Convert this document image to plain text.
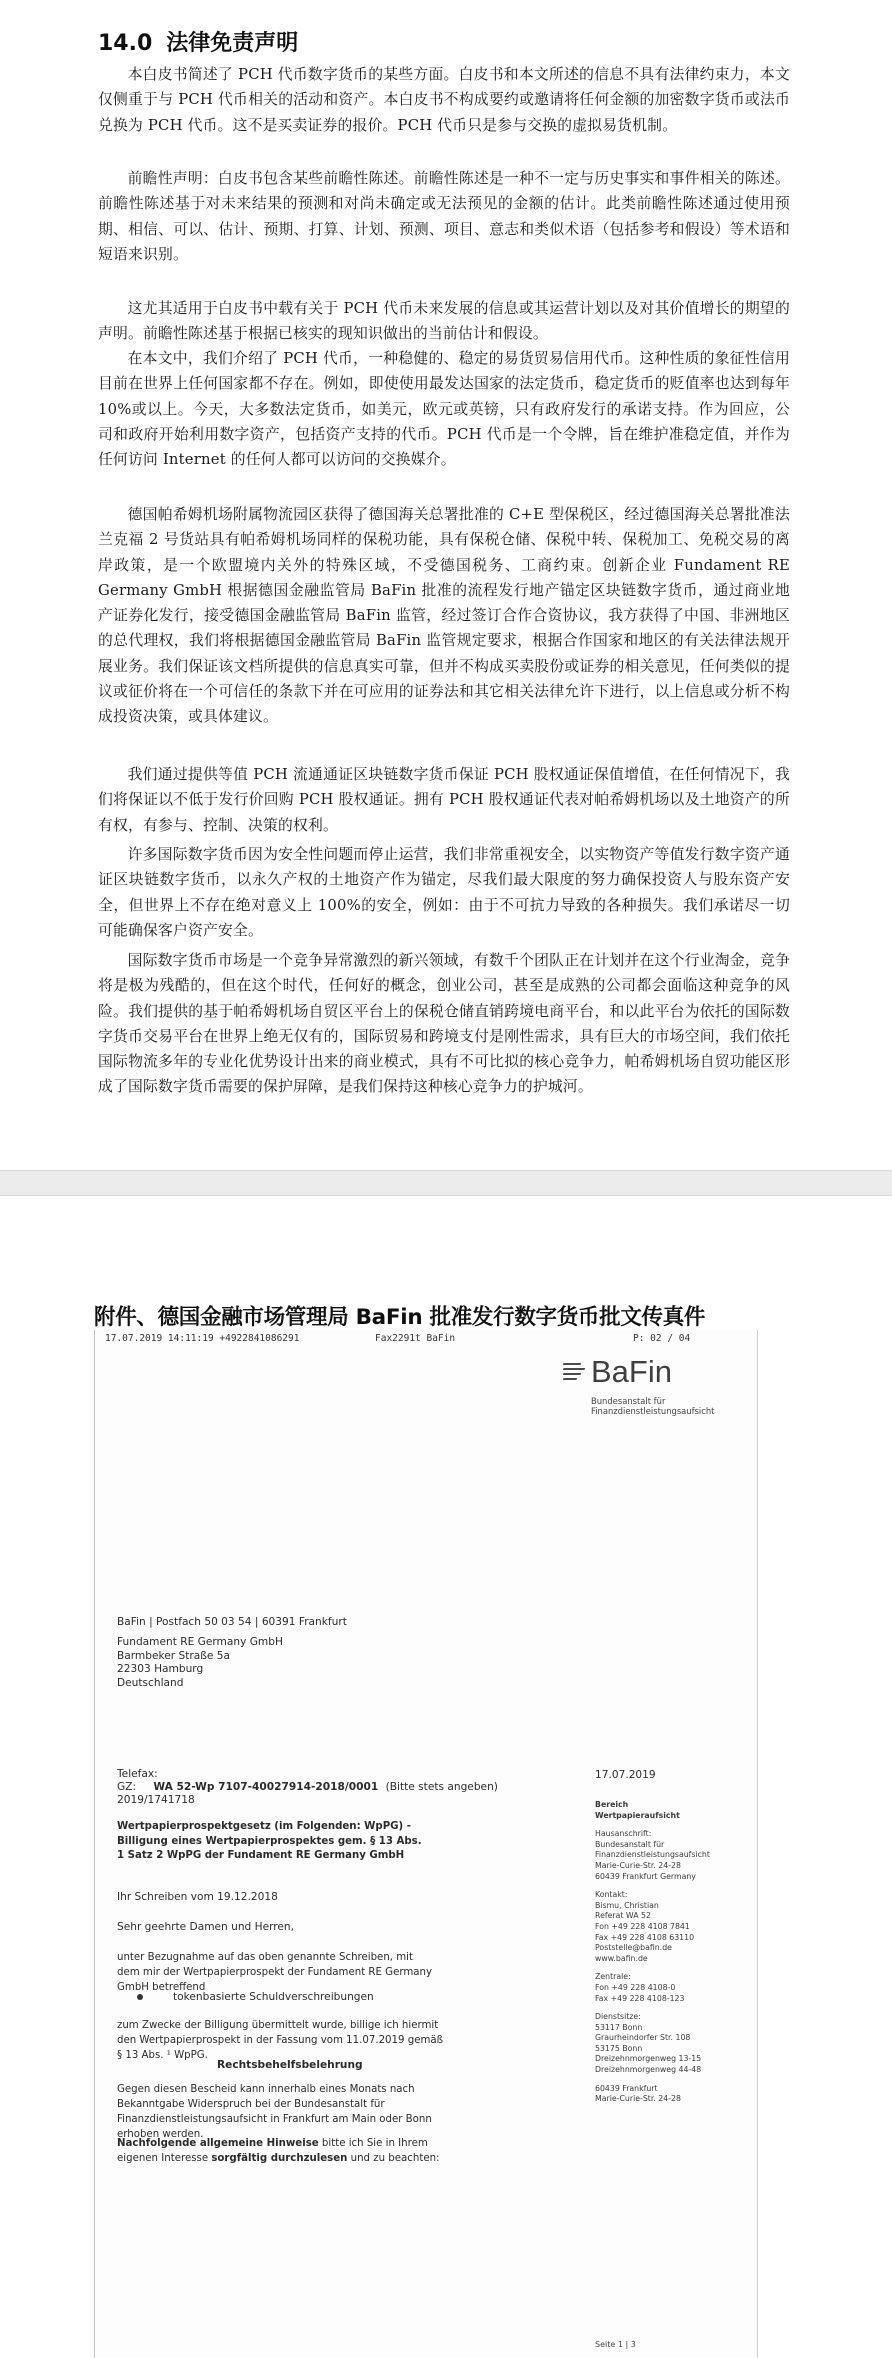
14.0 法律免责声明

本白皮书简述了 PCH 代币数字货币的某些方面。白皮书和本文所述的信息不具有法律约束力，本文仅侧重于与 PCH 代币相关的活动和资产。本白皮书不构成要约或邀请将任何金额的加密数字货币或法币兑换为 PCH 代币。这不是买卖证券的报价。PCH 代币只是参与交换的虚拟易货机制。

前瞻性声明：白皮书包含某些前瞻性陈述。前瞻性陈述是一种不一定与历史事实和事件相关的陈述。前瞻性陈述基于对未来结果的预测和对尚未确定或无法预见的金额的估计。此类前瞻性陈述通过使用预期、相信、可以、估计、预期、打算、计划、预测、项目、意志和类似术语（包括参考和假设）等术语和短语来识别。

这尤其适用于白皮书中载有关于 PCH 代币未来发展的信息或其运营计划以及对其价值增长的期望的声明。前瞻性陈述基于根据已核实的现知识做出的当前估计和假设。

在本文中，我们介绍了 PCH 代币，一种稳健的、稳定的易货贸易信用代币。这种性质的象征性信用目前在世界上任何国家都不存在。例如，即使使用最发达国家的法定货币，稳定货币的贬值率也达到每年 10%或以上。今天，大多数法定货币，如美元，欧元或英镑，只有政府发行的承诺支持。作为回应，公司和政府开始利用数字资产，包括资产支持的代币。PCH 代币是一个令牌，旨在维护准稳定值，并作为任何访问 Internet 的任何人都可以访问的交换媒介。

德国帕希姆机场附属物流园区获得了德国海关总署批准的 C+E 型保税区，经过德国海关总署批准法兰克福 2 号货站具有帕希姆机场同样的保税功能，具有保税仓储、保税中转、保税加工、免税交易的离岸政策，是一个欧盟境内关外的特殊区域，不受德国税务、工商约束。创新企业 Fundament RE Germany GmbH 根据德国金融监管局 BaFin 批准的流程发行地产锚定区块链数字货币，通过商业地产证券化发行，接受德国金融监管局 BaFin 监管，经过签订合作合资协议，我方获得了中国、非洲地区的总代理权，我们将根据德国金融监管局 BaFin 监管规定要求，根据合作国家和地区的有关法律法规开展业务。我们保证该文档所提供的信息真实可靠，但并不构成买卖股份或证券的相关意见，任何类似的提议或征价将在一个可信任的条款下并在可应用的证券法和其它相关法律允许下进行，以上信息或分析不构成投资决策，或具体建议。

我们通过提供等值 PCH 流通通证区块链数字货币保证 PCH 股权通证保值增值，在任何情况下，我们将保证以不低于发行价回购 PCH 股权通证。拥有 PCH 股权通证代表对帕希姆机场以及土地资产的所有权，有参与、控制、决策的权利。

许多国际数字货币因为安全性问题而停止运营，我们非常重视安全，以实物资产等值发行数字资产通证区块链数字货币，以永久产权的土地资产作为锚定，尽我们最大限度的努力确保投资人与股东资产安全，但世界上不存在绝对意义上 100%的安全，例如：由于不可抗力导致的各种损失。我们承诺尽一切可能确保客户资产安全。

国际数字货币市场是一个竞争异常激烈的新兴领域，有数千个团队正在计划并在这个行业淘金，竞争将是极为残酷的，但在这个时代，任何好的概念，创业公司，甚至是成熟的公司都会面临这种竞争的风险。我们提供的基于帕希姆机场自贸区平台上的保税仓储直销跨境电商平台，和以此平台为依托的国际数字货币交易平台在世界上绝无仅有的，国际贸易和跨境支付是刚性需求，具有巨大的市场空间，我们依托国际物流多年的专业化优势设计出来的商业模式，具有不可比拟的核心竞争力，帕希姆机场自贸功能区形成了国际数字货币需要的保护屏障，是我们保持这种核心竞争力的护城河。

附件、德国金融市场管理局 BaFin 批准发行数字货币批文传真件
17.07.2019 14:11:19 +4922841086291	Fax2291t BaFin	P: 02 / 04
BaFin
Bundesanstalt für
Finanzdienstleistungsaufsicht
BaFin | Postfach 50 03 54 | 60391 Frankfurt
Fundament RE Germany GmbH
Barmbeker Straße 5a
22303 Hamburg
Deutschland
Telefax:
GZ: WA 52-Wp 7107-40027914-2018/0001 (Bitte stets angeben)
2019/1741718
17.07.2019
Wertpapierprospektgesetz (im Folgenden: WpPG) - Billigung eines Wertpapierprospektes gem. § 13 Abs. 1 Satz 2 WpPG der Fundament RE Germany GmbH
Ihr Schreiben vom 19.12.2018
Sehr geehrte Damen und Herren,
unter Bezugnahme auf das oben genannte Schreiben, mit dem mir der Wertpapierprospekt der Fundament RE Germany GmbH betreffend
tokenbasierte Schuldverschreibungen
zum Zwecke der Billigung übermittelt wurde, billige ich hiermit den Wertpapierprospekt in der Fassung vom 11.07.2019 gemäß § 13 Abs. ¹ WpPG.
Rechtsbehelfsbelehrung
Gegen diesen Bescheid kann innerhalb eines Monats nach Bekanntgabe Widerspruch bei der Bundesanstalt für Finanzdienstleistungsaufsicht in Frankfurt am Main oder Bonn erhoben werden.
Nachfolgende allgemeine Hinweise bitte ich Sie in Ihrem eigenen Interesse sorgfältig durchzulesen und zu beachten:
Bereich
Wertpapieraufsicht
Hausanschrift:
Bundesanstalt für
Finanzdienstleistungsaufsicht
Marie-Curie-Str. 24-28
60439 Frankfurt Germany
Kontakt:
Bismu, Christian
Referat WA 52
Fon +49 228 4108 7841
Fax +49 228 4108 63110
Poststelle@bafin.de
www.bafin.de
Zentrale:
Fon +49 228 4108-0
Fax +49 228 4108-123
Dienstsitze:
53117 Bonn
Graurheindorfer Str. 108
53175 Bonn
Dreizehnmorgenweg 13-15
Dreizehnmorgenweg 44-48
60439 Frankfurt
Marie-Curie-Str. 24-28
Seite 1 | 3
